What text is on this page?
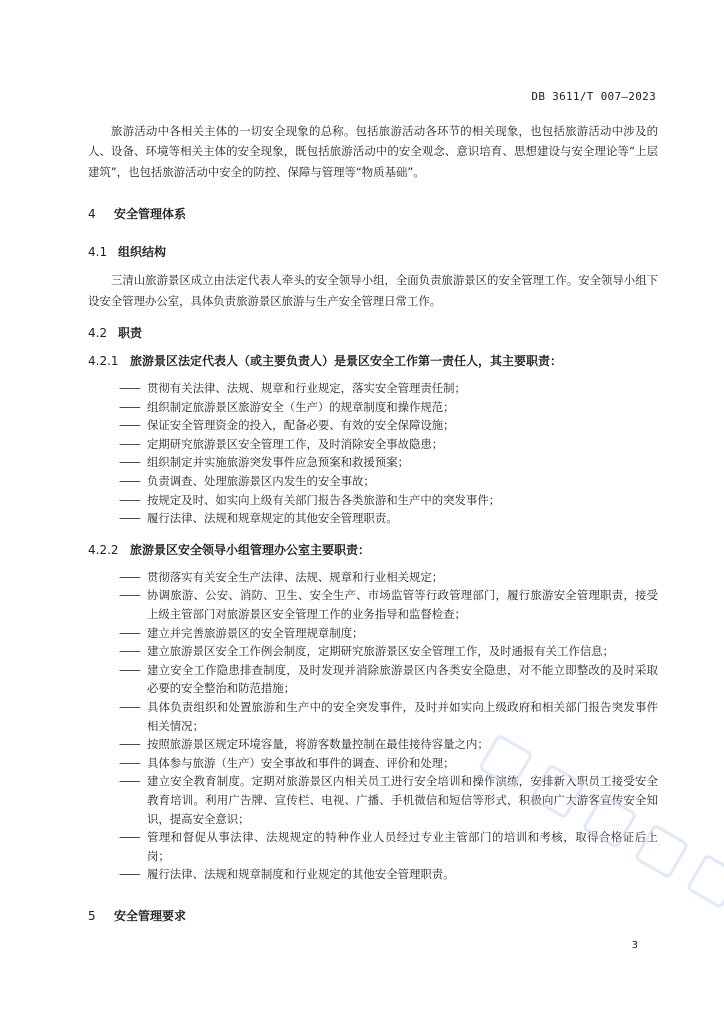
DB 3611/T 007—2023

旅游活动中各相关主体的一切安全现象的总称。包括旅游活动各环节的相关现象，也包括旅游活动中涉及的人、设备、环境等相关主体的安全现象，既包括旅游活动中的安全观念、意识培育、思想建设与安全理论等“上层建筑”，也包括旅游活动中安全的防控、保障与管理等“物质基础”。

4 安全管理体系

4.1 组织结构

三清山旅游景区成立由法定代表人牵头的安全领导小组，全面负责旅游景区的安全管理工作。安全领导小组下设安全管理办公室，具体负责旅游景区旅游与生产安全管理日常工作。

4.2 职责

4.2.1 旅游景区法定代表人（或主要负责人）是景区安全工作第一责任人，其主要职责：

—— 贯彻有关法律、法规、规章和行业规定，落实安全管理责任制；
—— 组织制定旅游景区旅游安全（生产）的规章制度和操作规范；
—— 保证安全管理资金的投入，配备必要、有效的安全保障设施；
—— 定期研究旅游景区安全管理工作，及时消除安全事故隐患；
—— 组织制定并实施旅游突发事件应急预案和救援预案；
—— 负责调查、处理旅游景区内发生的安全事故；
—— 按规定及时、如实向上级有关部门报告各类旅游和生产中的突发事件；
—— 履行法律、法规和规章规定的其他安全管理职责。

4.2.2 旅游景区安全领导小组管理办公室主要职责：

—— 贯彻落实有关安全生产法律、法规、规章和行业相关规定；
—— 协调旅游、公安、消防、卫生、安全生产、市场监管等行政管理部门，履行旅游安全管理职责，接受上级主管部门对旅游景区安全管理工作的业务指导和监督检查；
—— 建立并完善旅游景区的安全管理规章制度；
—— 建立旅游景区安全工作例会制度，定期研究旅游景区安全管理工作，及时通报有关工作信息；
—— 建立安全工作隐患排查制度，及时发现并消除旅游景区内各类安全隐患，对不能立即整改的及时采取必要的安全整治和防范措施；
—— 具体负责组织和处置旅游和生产中的安全突发事件，及时并如实向上级政府和相关部门报告突发事件相关情况；
—— 按照旅游景区规定环境容量，将游客数量控制在最佳接待容量之内；
—— 具体参与旅游（生产）安全事故和事件的调查、评价和处理；
—— 建立安全教育制度。定期对旅游景区内相关员工进行安全培训和操作演练，安排新入职员工接受安全教育培训。利用广告牌、宣传栏、电视、广播、手机微信和短信等形式，积极向广大游客宣传安全知识，提高安全意识；
—— 管理和督促从事法律、法规规定的特种作业人员经过专业主管部门的培训和考核，取得合格证后上岗；
—— 履行法律、法规和规章制度和行业规定的其他安全管理职责。

5 安全管理要求

3
